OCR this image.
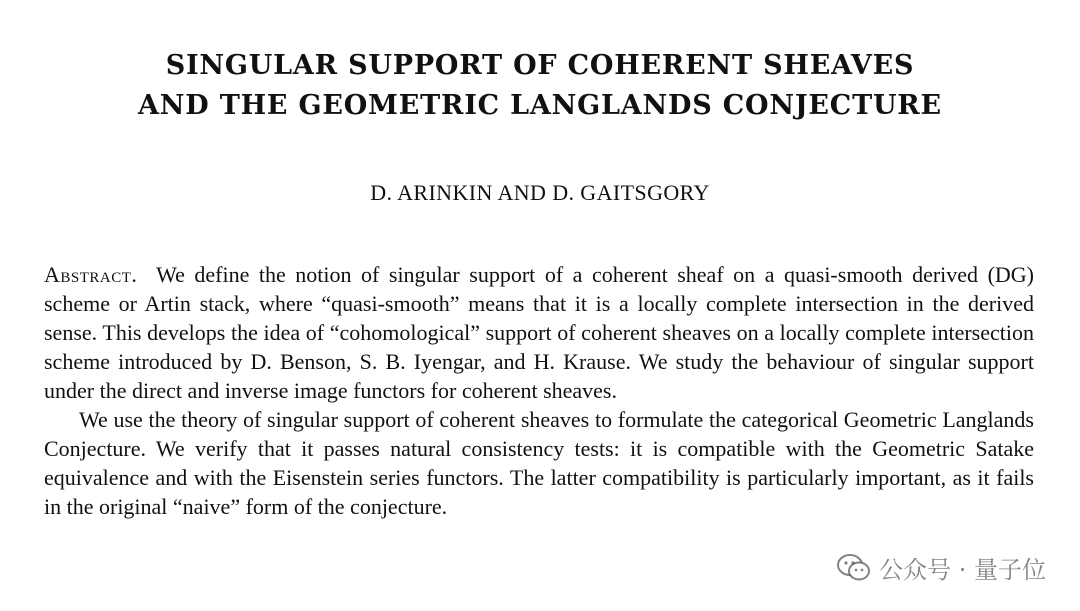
SINGULAR SUPPORT OF COHERENT SHEAVES
AND THE GEOMETRIC LANGLANDS CONJECTURE
D. ARINKIN AND D. GAITSGORY

Abstract. We define the notion of singular support of a coherent sheaf on a quasi-smooth derived (DG) scheme or Artin stack, where “quasi-smooth” means that it is a locally complete intersection in the derived sense. This develops the idea of “cohomological” support of coherent sheaves on a locally complete intersection scheme introduced by D. Benson, S. B. Iyengar, and H. Krause. We study the behaviour of singular support under the direct and inverse image functors for coherent sheaves.

We use the theory of singular support of coherent sheaves to formulate the categorical Geometric Langlands Conjecture. We verify that it passes natural consistency tests: it is compatible with the Geometric Satake equivalence and with the Eisenstein series functors. The latter compatibility is particularly important, as it fails in the original “naive” form of the conjecture.

公众号 · 量子位
